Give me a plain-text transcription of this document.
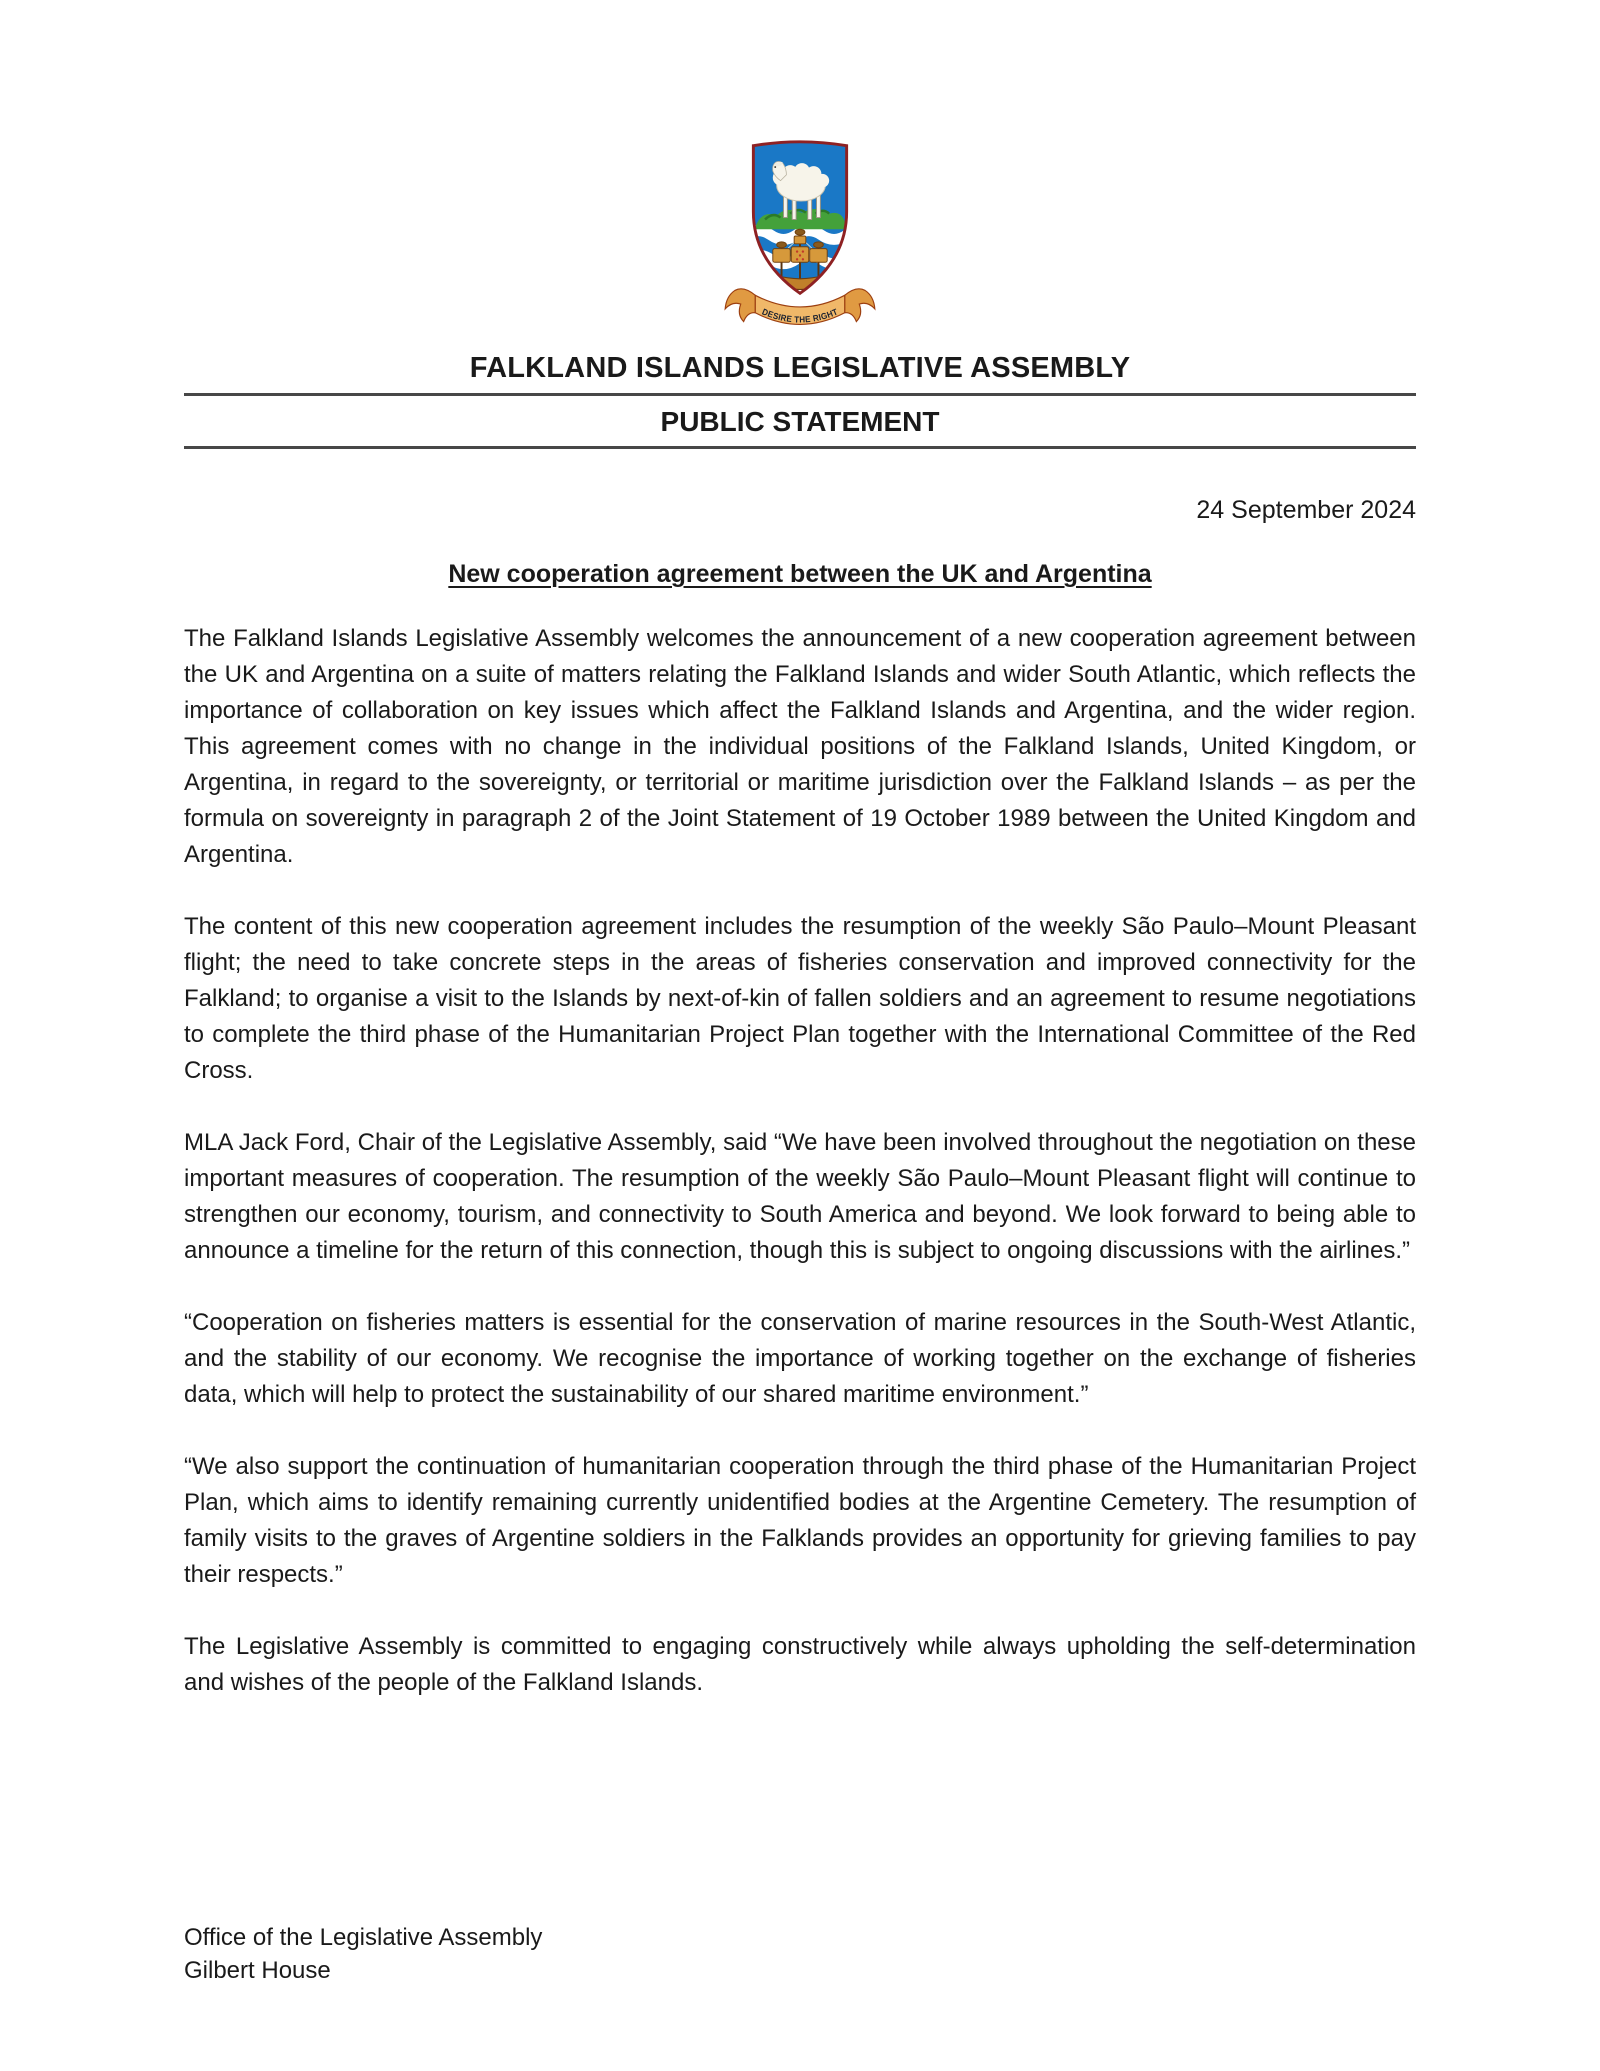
DESIRE THE RIGHT
FALKLAND ISLANDS LEGISLATIVE ASSEMBLY
PUBLIC STATEMENT
24 September 2024
New cooperation agreement between the UK and Argentina

The Falkland Islands Legislative Assembly welcomes the announcement of a new cooperation agreement between the UK and Argentina on a suite of matters relating the Falkland Islands and wider South Atlantic, which reflects the importance of collaboration on key issues which affect the Falkland Islands and Argentina, and the wider region. This agreement comes with no change in the individual positions of the Falkland Islands, United Kingdom, or Argentina, in regard to the sovereignty, or territorial or maritime jurisdiction over the Falkland Islands – as per the formula on sovereignty in paragraph 2 of the Joint Statement of 19 October 1989 between the United Kingdom and Argentina.

The content of this new cooperation agreement includes the resumption of the weekly São Paulo–Mount Pleasant flight; the need to take concrete steps in the areas of fisheries conservation and improved connectivity for the Falkland; to organise a visit to the Islands by next-of-kin of fallen soldiers and an agreement to resume negotiations to complete the third phase of the Humanitarian Project Plan together with the International Committee of the Red Cross.

MLA Jack Ford, Chair of the Legislative Assembly, said “We have been involved throughout the negotiation on these important measures of cooperation. The resumption of the weekly São Paulo–Mount Pleasant flight will continue to strengthen our economy, tourism, and connectivity to South America and beyond. We look forward to being able to announce a timeline for the return of this connection, though this is subject to ongoing discussions with the airlines.”

“Cooperation on fisheries matters is essential for the conservation of marine resources in the South-West Atlantic, and the stability of our economy. We recognise the importance of working together on the exchange of fisheries data, which will help to protect the sustainability of our shared maritime environment.”

“We also support the continuation of humanitarian cooperation through the third phase of the Humanitarian Project Plan, which aims to identify remaining currently unidentified bodies at the Argentine Cemetery. The resumption of family visits to the graves of Argentine soldiers in the Falklands provides an opportunity for grieving families to pay their respects.”

The Legislative Assembly is committed to engaging constructively while always upholding the self-determination and wishes of the people of the Falkland Islands.

Office of the Legislative Assembly
Gilbert House
